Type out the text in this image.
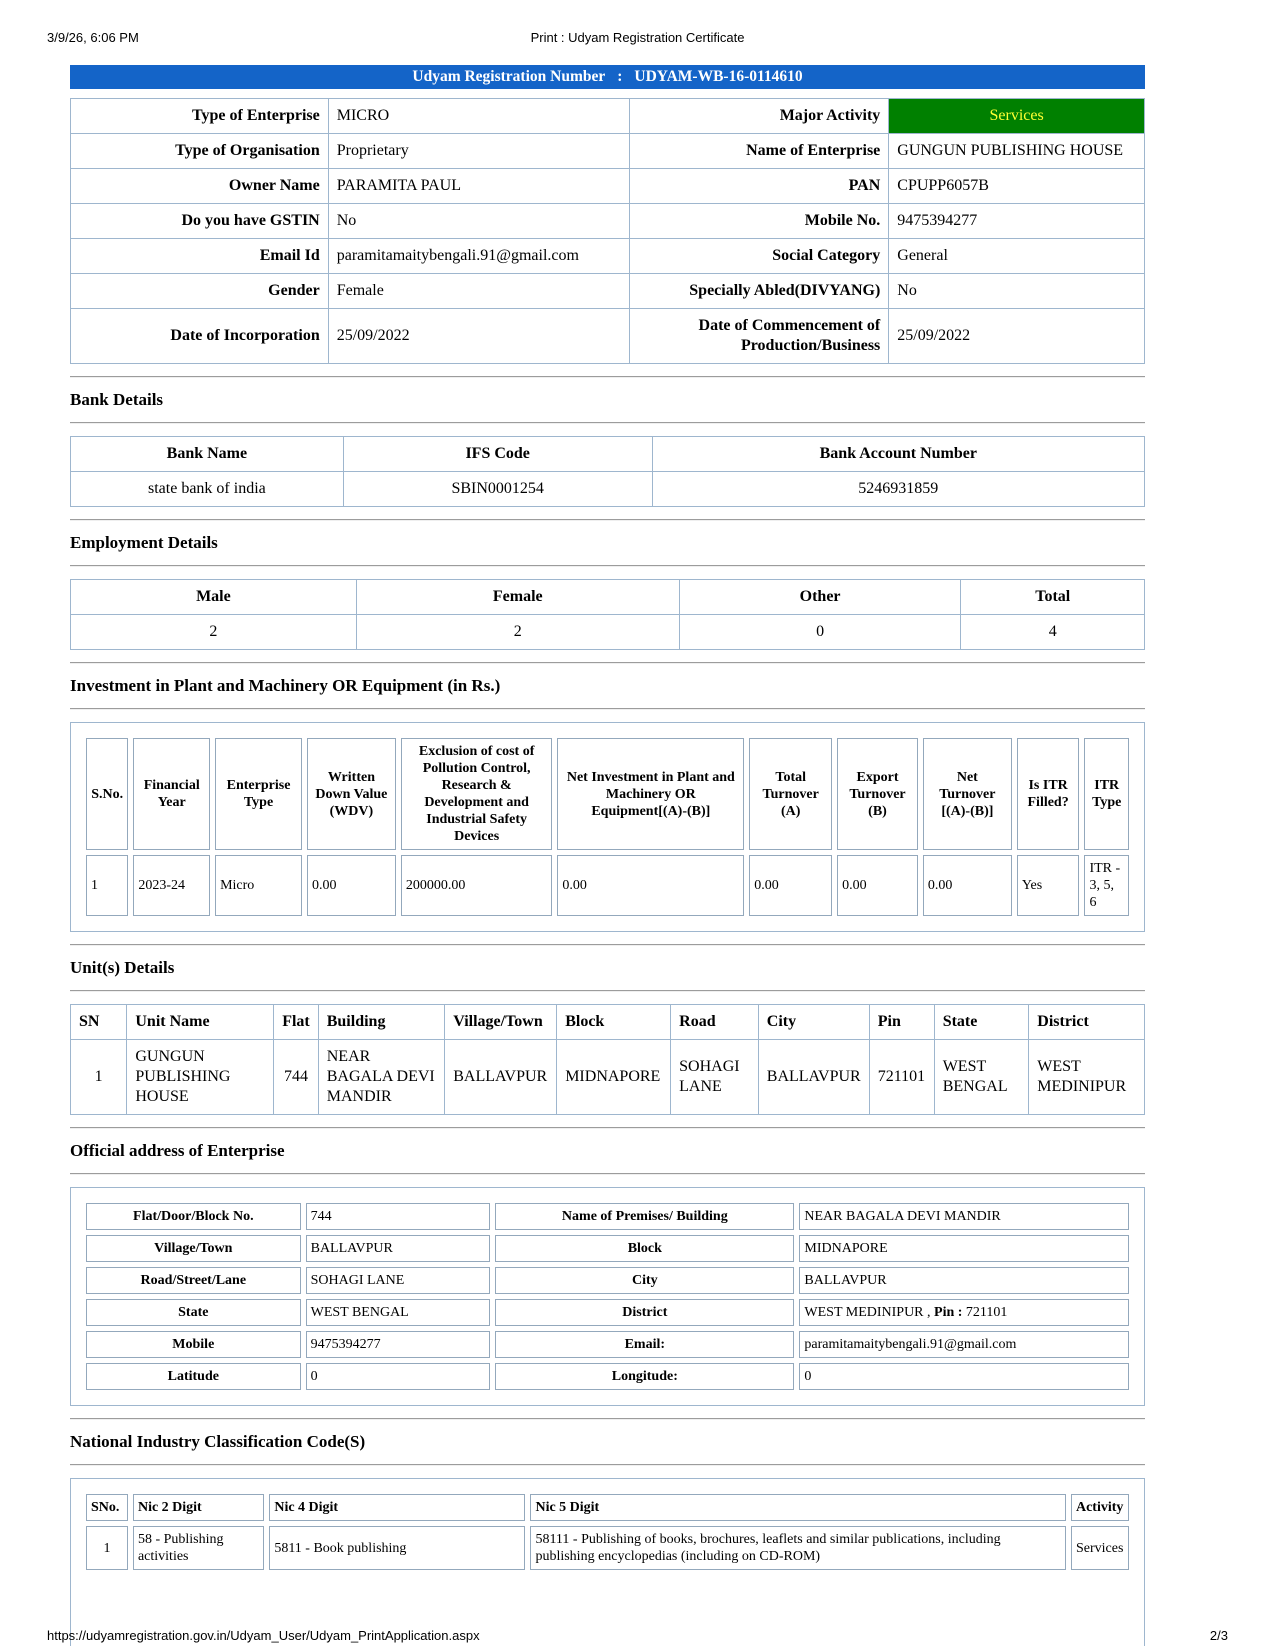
3/9/26, 6:06 PM	Print : Udyam Registration Certificate
Udyam Registration Number : UDYAM-WB-16-0114610
Type of Enterprise	MICRO	Major Activity	Services
Type of Organisation	Proprietary	Name of Enterprise	GUNGUN PUBLISHING HOUSE
Owner Name	PARAMITA PAUL	PAN	CPUPP6057B
Do you have GSTIN	No	Mobile No.	9475394277
Email Id	paramitamaitybengali.91@gmail.com	Social Category	General
Gender	Female	Specially Abled(DIVYANG)	No
Date of Incorporation	25/09/2022	Date of Commencement of Production/Business	25/09/2022
Bank Details
Bank Name	IFS Code	Bank Account Number
state bank of india	SBIN0001254	5246931859
Employment Details
Male	Female	Other	Total
2	2	0	4
Investment in Plant and Machinery OR Equipment (in Rs.)
S.No.	Financial Year	Enterprise Type	Written Down Value (WDV)	Exclusion of cost of Pollution Control, Research & Development and Industrial Safety Devices	Net Investment in Plant and Machinery OR Equipment[(A)-(B)]	Total Turnover (A)	Export Turnover (B)	Net Turnover [(A)-(B)]	Is ITR Filled?	ITR Type
1	2023-24	Micro	0.00	200000.00	0.00	0.00	0.00	0.00	Yes	ITR - 3, 5, 6
Unit(s) Details
SN	Unit Name	Flat	Building	Village/Town	Block	Road	City	Pin	State	District
1	GUNGUN PUBLISHING HOUSE	744	NEAR BAGALA DEVI MANDIR	BALLAVPUR	MIDNAPORE	SOHAGI LANE	BALLAVPUR	721101	WEST BENGAL	WEST MEDINIPUR
Official address of Enterprise
Flat/Door/Block No.	744	Name of Premises/ Building	NEAR BAGALA DEVI MANDIR
Village/Town	BALLAVPUR	Block	MIDNAPORE
Road/Street/Lane	SOHAGI LANE	City	BALLAVPUR
State	WEST BENGAL	District	WEST MEDINIPUR , Pin : 721101
Mobile	9475394277	Email:	paramitamaitybengali.91@gmail.com
Latitude	0	Longitude:	0
National Industry Classification Code(S)
SNo.	Nic 2 Digit	Nic 4 Digit	Nic 5 Digit	Activity
1	58 - Publishing activities	5811 - Book publishing	58111 - Publishing of books, brochures, leaflets and similar publications, including publishing encyclopedias (including on CD-ROM)	Services
https://udyamregistration.gov.in/Udyam_User/Udyam_PrintApplication.aspx	2/3
